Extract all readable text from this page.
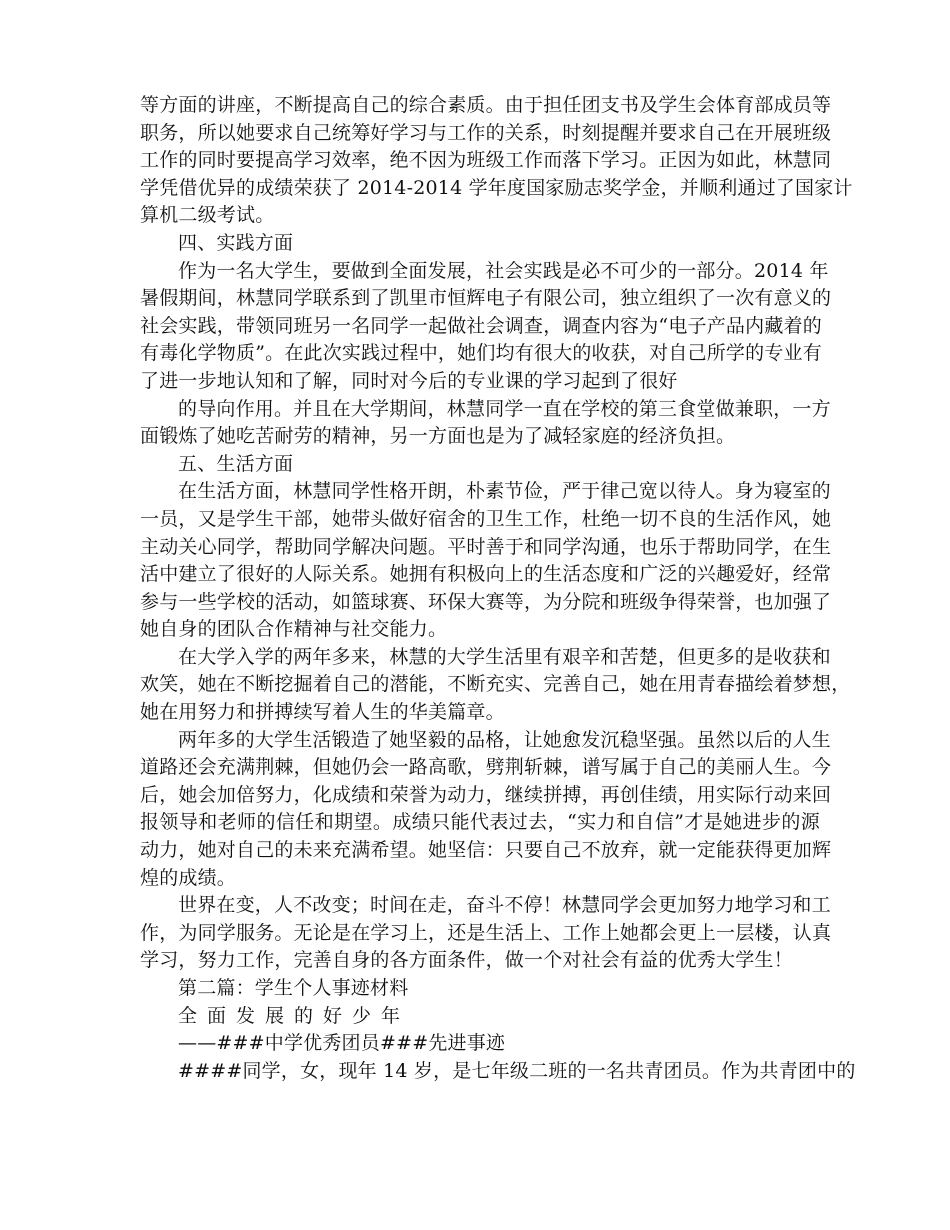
等方面的讲座，不断提高自己的综合素质。由于担任团支书及学生会体育部成员等
职务，所以她要求自己统筹好学习与工作的关系，时刻提醒并要求自己在开展班级
工作的同时要提高学习效率，绝不因为班级工作而落下学习。正因为如此，林慧同
学凭借优异的成绩荣获了 2014-2014 学年度国家励志奖学金，并顺利通过了国家计
算机二级考试。
四、实践方面
作为一名大学生，要做到全面发展，社会实践是必不可少的一部分。2014 年
暑假期间，林慧同学联系到了凯里市恒辉电子有限公司，独立组织了一次有意义的
社会实践，带领同班另一名同学一起做社会调查，调查内容为“电子产品内藏着的
有毒化学物质”。在此次实践过程中，她们均有很大的收获，对自己所学的专业有
了进一步地认知和了解，同时对今后的专业课的学习起到了很好
的导向作用。并且在大学期间，林慧同学一直在学校的第三食堂做兼职，一方
面锻炼了她吃苦耐劳的精神，另一方面也是为了减轻家庭的经济负担。
五、生活方面
在生活方面，林慧同学性格开朗，朴素节俭，严于律己宽以待人。身为寝室的
一员，又是学生干部，她带头做好宿舍的卫生工作，杜绝一切不良的生活作风，她
主动关心同学，帮助同学解决问题。平时善于和同学沟通，也乐于帮助同学，在生
活中建立了很好的人际关系。她拥有积极向上的生活态度和广泛的兴趣爱好，经常
参与一些学校的活动，如篮球赛、环保大赛等，为分院和班级争得荣誉，也加强了
她自身的团队合作精神与社交能力。
在大学入学的两年多来，林慧的大学生活里有艰辛和苦楚，但更多的是收获和
欢笑，她在不断挖掘着自己的潜能，不断充实、完善自己，她在用青春描绘着梦想，
她在用努力和拼搏续写着人生的华美篇章。
两年多的大学生活锻造了她坚毅的品格，让她愈发沉稳坚强。虽然以后的人生
道路还会充满荆棘，但她仍会一路高歌，劈荆斩棘，谱写属于自己的美丽人生。今
后，她会加倍努力，化成绩和荣誉为动力，继续拼搏，再创佳绩，用实际行动来回
报领导和老师的信任和期望。成绩只能代表过去，“实力和自信”才是她进步的源
动力，她对自己的未来充满希望。她坚信：只要自己不放弃，就一定能获得更加辉
煌的成绩。
世界在变，人不改变；时间在走，奋斗不停！林慧同学会更加努力地学习和工
作，为同学服务。无论是在学习上，还是生活上、工作上她都会更上一层楼，认真
学习，努力工作，完善自身的各方面条件，做一个对社会有益的优秀大学生！
第二篇：学生个人事迹材料
全面发展的好少年
——###中学优秀团员###先进事迹
####同学，女，现年 14 岁，是七年级二班的一名共青团员。作为共青团中的
